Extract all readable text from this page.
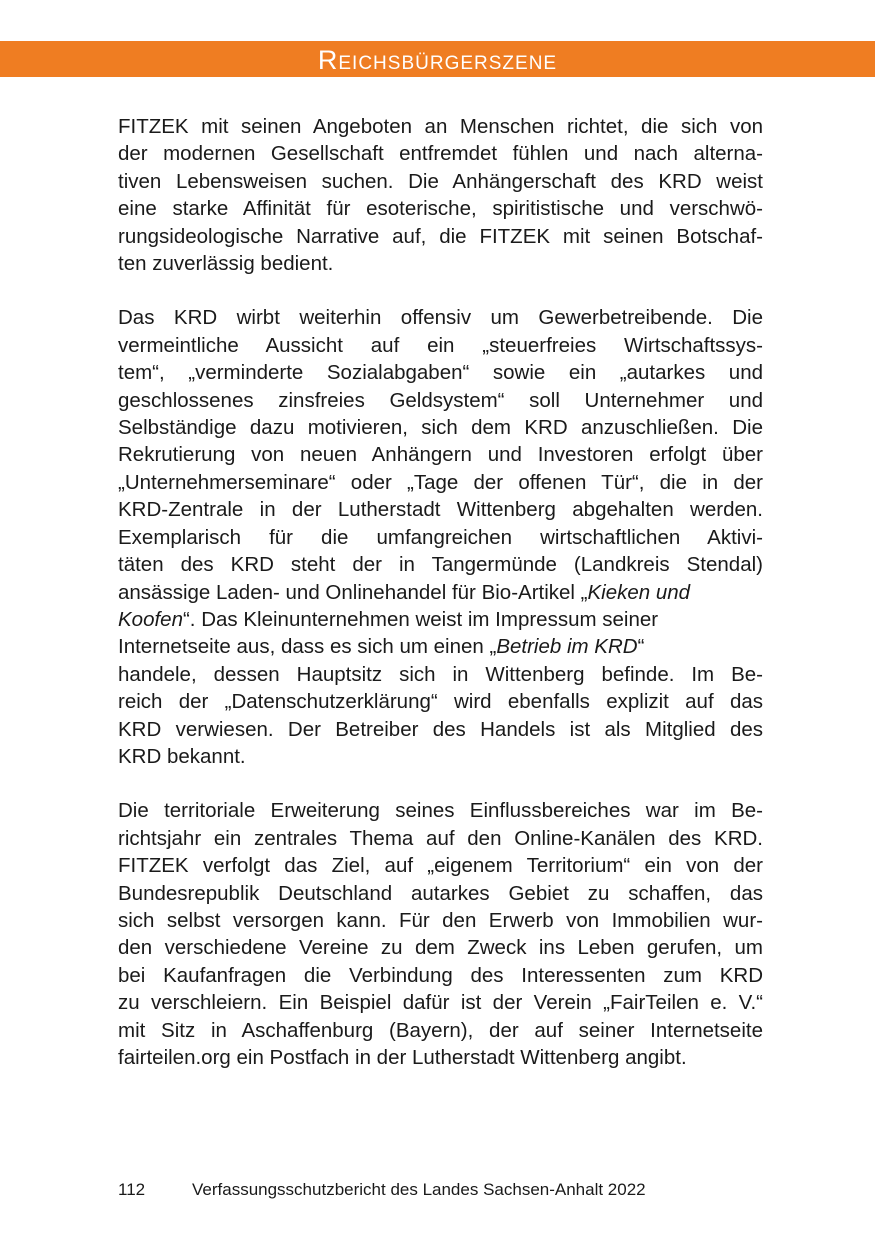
Reichsbürgerszene

FITZEK mit seinen Angeboten an Menschen richtet, die sich von
der modernen Gesellschaft entfremdet fühlen und nach alterna-
tiven Lebensweisen suchen. Die Anhängerschaft des KRD weist
eine starke Affinität für esoterische, spiritistische und verschwö-
rungsideologische Narrative auf, die FITZEK mit seinen Botschaf-
ten zuverlässig bedient.

Das KRD wirbt weiterhin offensiv um Gewerbetreibende. Die
vermeintliche Aussicht auf ein „steuerfreies Wirtschaftssys-
tem“, „verminderte Sozialabgaben“ sowie ein „autarkes und
geschlossenes zinsfreies Geldsystem“ soll Unternehmer und
Selbständige dazu motivieren, sich dem KRD anzuschließen. Die
Rekrutierung von neuen Anhängern und Investoren erfolgt über
„Unternehmerseminare“ oder „Tage der offenen Tür“, die in der
KRD-Zentrale in der Lutherstadt Wittenberg abgehalten werden.
Exemplarisch für die umfangreichen wirtschaftlichen Aktivi-
täten des KRD steht der in Tangermünde (Landkreis Stendal)
ansässige Laden- und Onlinehandel für Bio-Artikel „Kieken und
Koofen“. Das Kleinunternehmen weist im Impressum seiner
Internetseite aus, dass es sich um einen „Betrieb im KRD“
handele, dessen Hauptsitz sich in Wittenberg befinde. Im Be-
reich der „Datenschutzerklärung“ wird ebenfalls explizit auf das
KRD verwiesen. Der Betreiber des Handels ist als Mitglied des
KRD bekannt.

Die territoriale Erweiterung seines Einflussbereiches war im Be-
richtsjahr ein zentrales Thema auf den Online-Kanälen des KRD.
FITZEK verfolgt das Ziel, auf „eigenem Territorium“ ein von der
Bundesrepublik Deutschland autarkes Gebiet zu schaffen, das
sich selbst versorgen kann. Für den Erwerb von Immobilien wur-
den verschiedene Vereine zu dem Zweck ins Leben gerufen, um
bei Kaufanfragen die Verbindung des Interessenten zum KRD
zu verschleiern. Ein Beispiel dafür ist der Verein „FairTeilen e. V.“
mit Sitz in Aschaffenburg (Bayern), der auf seiner Internetseite
fairteilen.org ein Postfach in der Lutherstadt Wittenberg angibt.

112	Verfassungsschutzbericht des Landes Sachsen-Anhalt 2022
